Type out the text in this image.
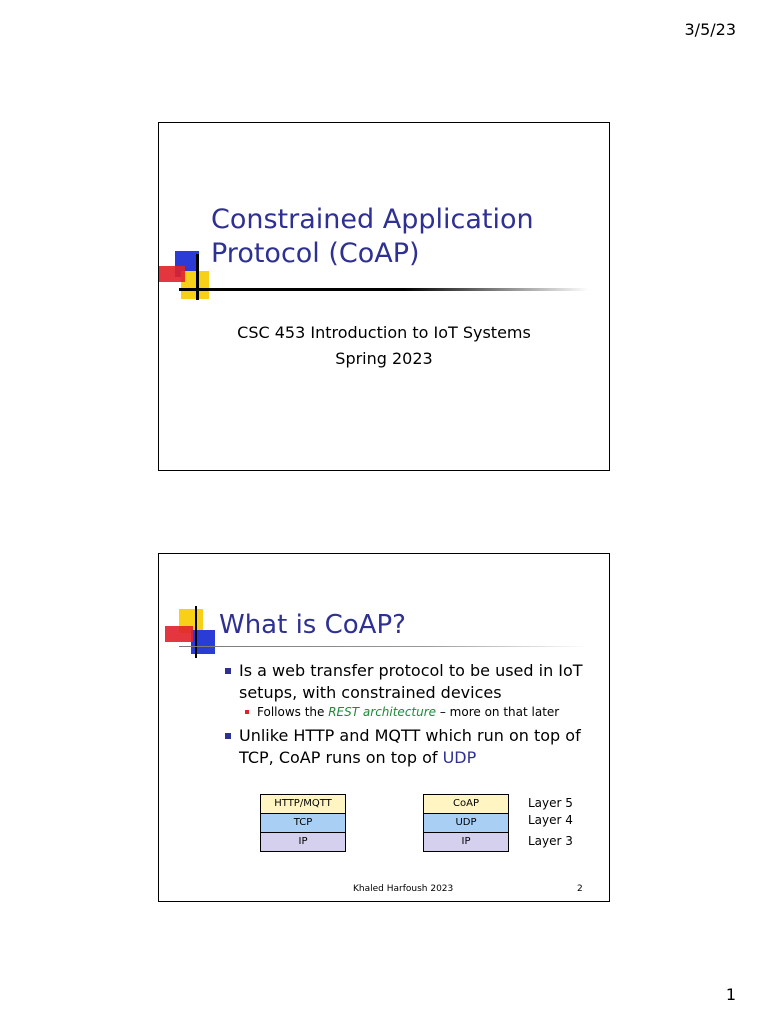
3/5/23
Constrained Application
Protocol (CoAP)
CSC 453 Introduction to IoT Systems
Spring 2023
What is CoAP?
Is a web transfer protocol to be used in IoT
setups, with constrained devices
Follows the REST architecture – more on that later
Unlike HTTP and MQTT which run on top of
TCP, CoAP runs on top of UDP
HTTP/MQTT
TCP
IP
CoAP
UDP
IP
Layer 5
Layer 4
Layer 3
Khaled Harfoush 2023	2
1
